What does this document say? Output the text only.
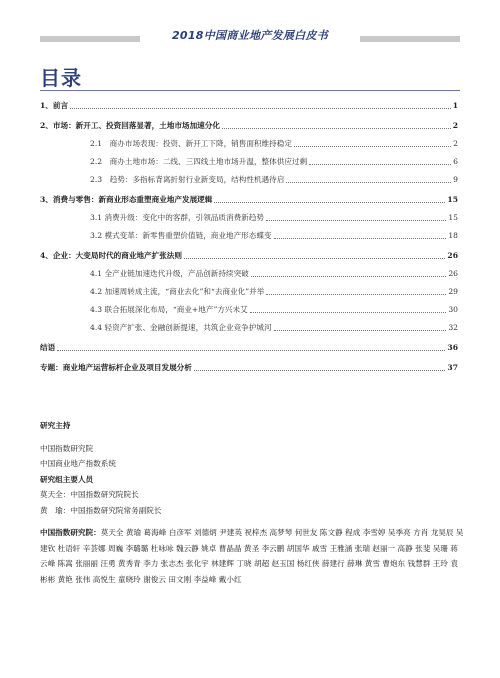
2018中国商业地产发展白皮书
目录
1、前言	1
2、市场：新开工、投资回落显著，土地市场加速分化	2
2.1　商办市场表现：投资、新开工下降，销售面积维持稳定	2
2.2　商办土地市场：二线、三四线土地市场升温，整体供应过剩	6
2.3　趋势：多指标背离折射行业新变局，结构性机遇待启	9
3、消费与零售：新商业形态重塑商业地产发展逻辑	15
3.1 消费升级：变化中的客群，引领品质消费新趋势	15
3.2 模式变革：新零售重塑价值链，商业地产形态蝶变	18
4、企业：大变局时代的商业地产扩张法则	26
4.1 全产业链加速迭代升级，产品创新持续突破	26
4.2 加速周转成主流，“商业去化”和“去商业化”并举	29
4.3 联合拓展深化布局，“商业+地产”方兴未艾	30
4.4 轻资产扩张、金融创新提速，共筑企业竞争护城河	32
结语	36
专题：商业地产运营标杆企业及项目发展分析	37
研究主持
中国指数研究院
中国商业地产指数系统
研究组主要人员
莫天全：中国指数研究院院长
黄　瑜：中国指数研究院常务副院长
中国指数研究院：莫天全 黄瑜 葛海峰 白彦军 刘德炳 尹建英 祝梓杰 高梦琴 何世友 陈文静 程成 李雪婷 吴季亮 方肖 龙昊辰 吴建钦 杜语轩 辛荟娜 周巍 李璐璐 杜咏咏 魏云静 姚卓 曹晶晶 黄圣 李云鹏 胡国华 戚雪 王雅涵 张瑞 赵丽一 高静 张斐 吴珊 蒋云峰 陈嵩 张丽丽 汪勇 黄秀青 李力 张志杰 张化宇 林建辉 丁晓 胡超 赵玉国 杨红侠 薛建行 薛琳 黄雪 曹炮东 钱慧群 王玲 袁彬彬 黄艳 张伟 高悦生 童晓玲 谢俊云 田文刚 李益峰 戴小红
